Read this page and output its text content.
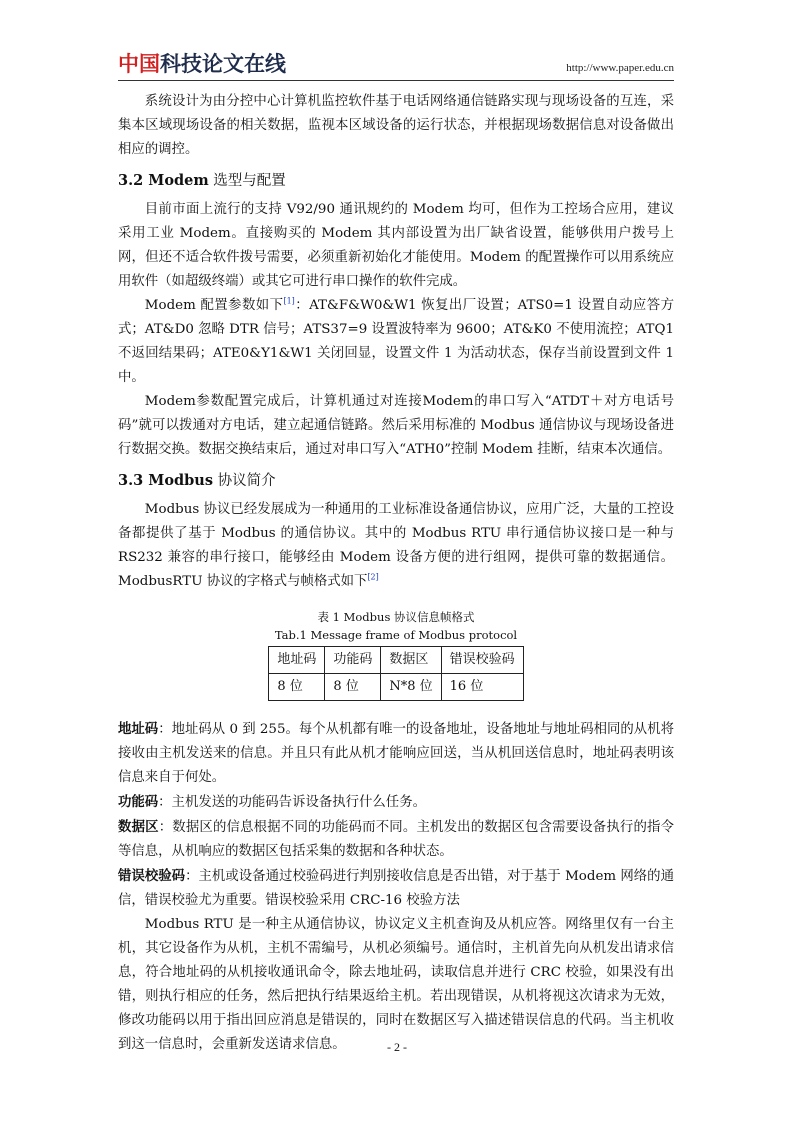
中国科技论文在线	http://www.paper.edu.cn

系统设计为由分控中心计算机监控软件基于电话网络通信链路实现与现场设备的互连，采集本区域现场设备的相关数据，监视本区域设备的运行状态，并根据现场数据信息对设备做出相应的调控。

3.2 Modem 选型与配置

目前市面上流行的支持 V92/90 通讯规约的 Modem 均可，但作为工控场合应用，建议采用工业 Modem。直接购买的 Modem 其内部设置为出厂缺省设置，能够供用户拨号上网，但还不适合软件拨号需要，必须重新初始化才能使用。Modem 的配置操作可以用系统应用软件（如超级终端）或其它可进行串口操作的软件完成。

Modem 配置参数如下[1]：AT&F&W0&W1 恢复出厂设置；ATS0=1 设置自动应答方式；AT&D0 忽略 DTR 信号；ATS37=9 设置波特率为 9600；AT&K0 不使用流控；ATQ1 不返回结果码；ATE0&Y1&W1 关闭回显，设置文件 1 为活动状态，保存当前设置到文件 1 中。

Modem参数配置完成后，计算机通过对连接Modem的串口写入“ATDT＋对方电话号码”就可以拨通对方电话，建立起通信链路。然后采用标准的 Modbus 通信协议与现场设备进行数据交换。数据交换结束后，通过对串口写入“ATH0”控制 Modem 挂断，结束本次通信。

3.3 Modbus 协议简介

Modbus 协议已经发展成为一种通用的工业标准设备通信协议，应用广泛，大量的工控设备都提供了基于 Modbus 的通信协议。其中的 Modbus RTU 串行通信协议接口是一种与 RS232 兼容的串行接口，能够经由 Modem 设备方便的进行组网，提供可靠的数据通信。ModbusRTU 协议的字格式与帧格式如下[2]

表 1 Modbus 协议信息帧格式
Tab.1 Message frame of Modbus protocol
地址码	功能码	数据区	错误校验码
8 位	8 位	N*8 位	16 位

地址码：地址码从 0 到 255。每个从机都有唯一的设备地址，设备地址与地址码相同的从机将接收由主机发送来的信息。并且只有此从机才能响应回送，当从机回送信息时，地址码表明该信息来自于何处。

功能码：主机发送的功能码告诉设备执行什么任务。

数据区：数据区的信息根据不同的功能码而不同。主机发出的数据区包含需要设备执行的指令等信息，从机响应的数据区包括采集的数据和各种状态。

错误校验码：主机或设备通过校验码进行判别接收信息是否出错，对于基于 Modem 网络的通信，错误校验尤为重要。错误校验采用 CRC-16 校验方法

Modbus RTU 是一种主从通信协议，协议定义主机查询及从机应答。网络里仅有一台主机，其它设备作为从机，主机不需编号，从机必须编号。通信时，主机首先向从机发出请求信息，符合地址码的从机接收通讯命令，除去地址码，读取信息并进行 CRC 校验，如果没有出错，则执行相应的任务，然后把执行结果返给主机。若出现错误，从机将视这次请求为无效，修改功能码以用于指出回应消息是错误的，同时在数据区写入描述错误信息的代码。当主机收到这一信息时，会重新发送请求信息。	- 2 -
